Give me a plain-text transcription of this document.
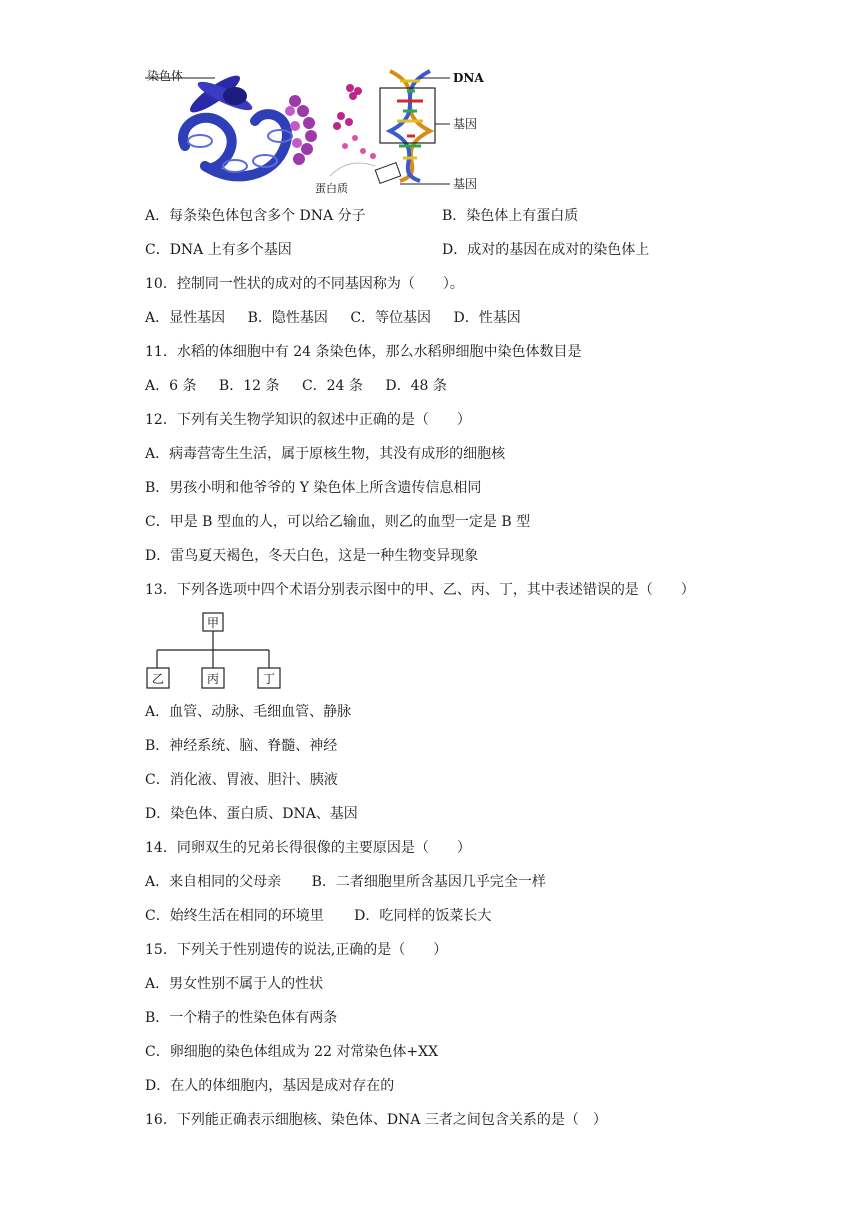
染色体	DNA
基因
蛋白质	基因
A．每条染色体包含多个 DNA 分子	B．染色体上有蛋白质
C．DNA 上有多个基因	D．成对的基因在成对的染色体上
10．控制同一性状的成对的不同基因称为（　　）。
A．显性基因 B．隐性基因 C．等位基因 D．性基因
11．水稻的体细胞中有 24 条染色体，那么水稻卵细胞中染色体数目是
A．6 条 B．12 条 C．24 条 D．48 条
12．下列有关生物学知识的叙述中正确的是（　　）
A．病毒营寄生生活，属于原核生物，其没有成形的细胞核
B．男孩小明和他爷爷的 Y 染色体上所含遗传信息相同
C．甲是 B 型血的人，可以给乙输血，则乙的血型一定是 B 型
D．雷鸟夏天褐色，冬天白色，这是一种生物变异现象
13．下列各选项中四个术语分别表示图中的甲、乙、丙、丁，其中表述错误的是（　　）
甲
乙	丙	丁
A．血管、动脉、毛细血管、静脉
B．神经系统、脑、脊髓、神经
C．消化液、胃液、胆汁、胰液
D．染色体、蛋白质、DNA、基因
14．同卵双生的兄弟长得很像的主要原因是（　　）
A．来自相同的父母亲 B．二者细胞里所含基因几乎完全一样
C．始终生活在相同的环境里 D．吃同样的饭菜长大
15．下列关于性别遗传的说法,正确的是（　　）
A．男女性别不属于人的性状
B．一个精子的性染色体有两条
C．卵细胞的染色体组成为 22 对常染色体+XX
D．在人的体细胞内，基因是成对存在的
16．下列能正确表示细胞核、染色体、DNA 三者之间包含关系的是（　）
